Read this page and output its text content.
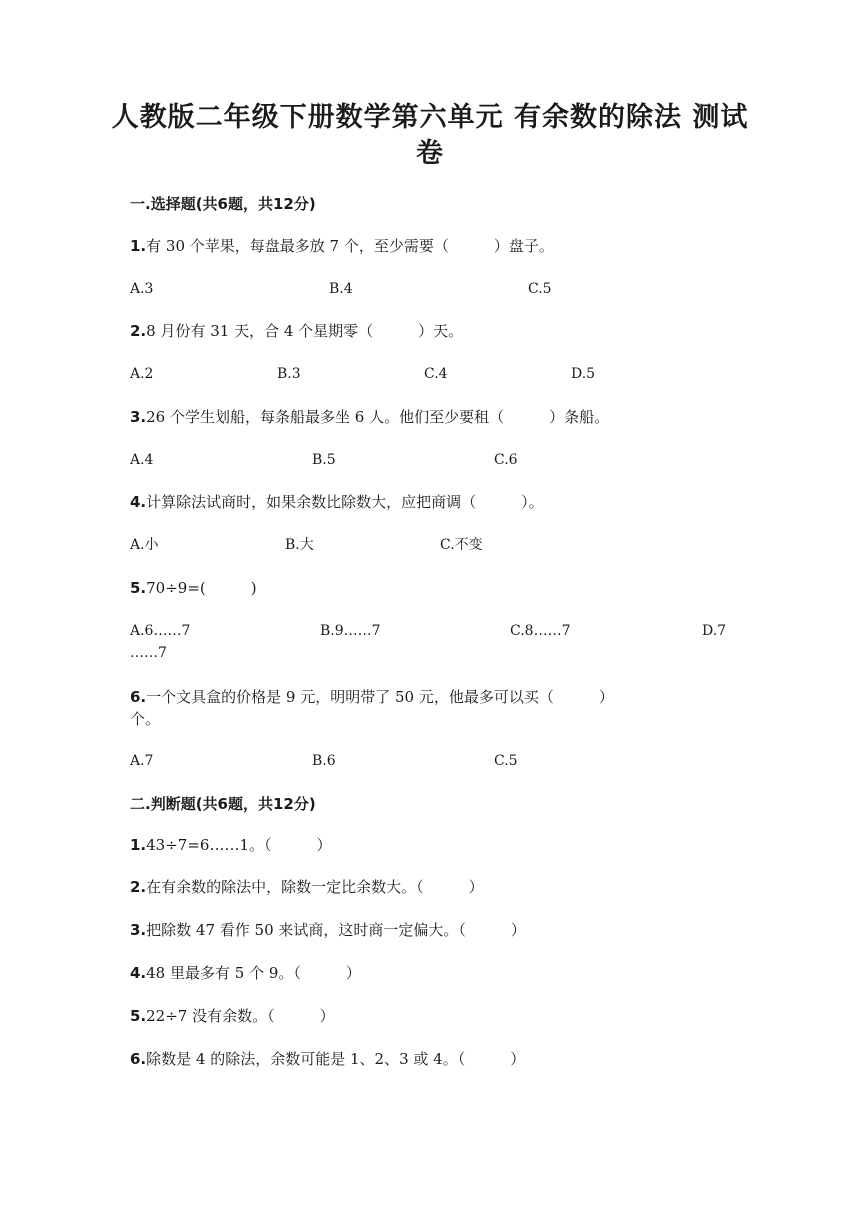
人教版二年级下册数学第六单元 有余数的除法 测试卷
一.选择题(共6题，共12分)
1.有 30 个苹果，每盘最多放 7 个，至少需要（　　　）盘子。
A.3	B.4	C.5
2.8 月份有 31 天，合 4 个星期零（　　　）天。
A.2	B.3	C.4	D.5
3.26 个学生划船，每条船最多坐 6 人。他们至少要租（　　　）条船。
A.4	B.5	C.6
4.计算除法试商时，如果余数比除数大，应把商调（　　　）。
A.小	B.大	C.不变
5.70÷9=(　　　)
A.6……7	B.9……7	C.8……7	D.7
……7
6.一个文具盒的价格是 9 元，明明带了 50 元，他最多可以买（　　　）
个。
A.7	B.6	C.5
二.判断题(共6题，共12分)
1.43÷7=6……1。（　　　）
2.在有余数的除法中，除数一定比余数大。（　　　）
3.把除数 47 看作 50 来试商，这时商一定偏大。（　　　）
4.48 里最多有 5 个 9。（　　　）
5.22÷7 没有余数。（　　　）
6.除数是 4 的除法，余数可能是 1、2、3 或 4。（　　　）
